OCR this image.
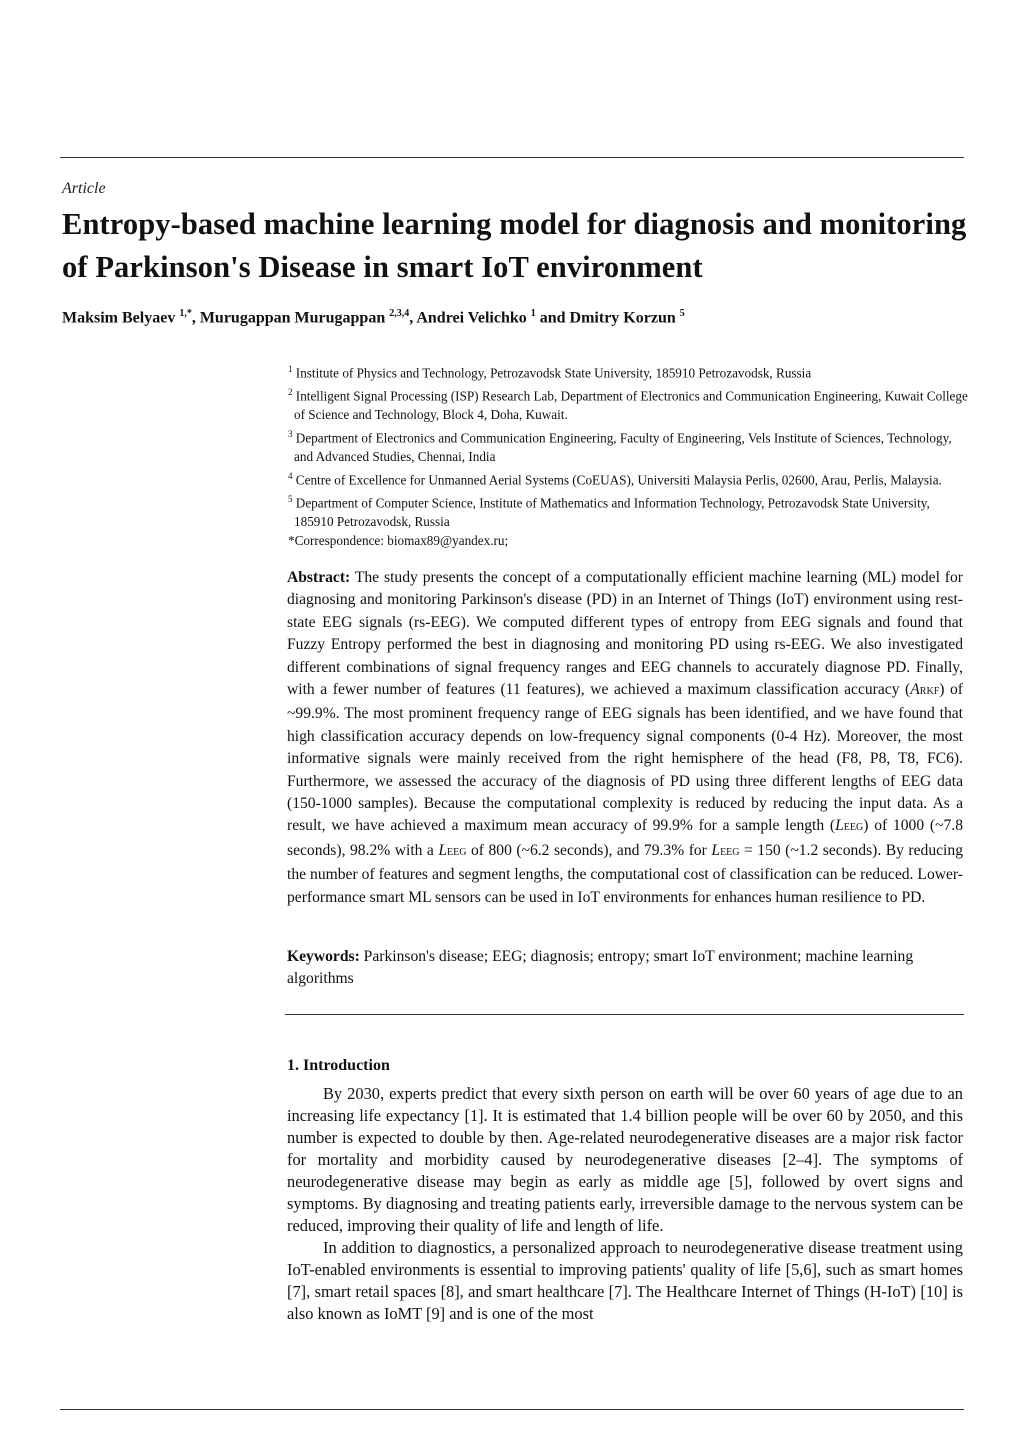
Article
Entropy-based machine learning model for diagnosis and monitoring of Parkinson's Disease in smart IoT environment
Maksim Belyaev $^{1,*}$, Murugappan Murugappan $^{2,3,4}$, Andrei Velichko $^1$ and Dmitry Korzun $^5$
$^1$ Institute of Physics and Technology, Petrozavodsk State University, 185910 Petrozavodsk, Russia
$^2$ Intelligent Signal Processing (ISP) Research Lab, Department of Electronics and Communication Engineering, Kuwait College of Science and Technology, Block 4, Doha, Kuwait.
$^3$ Department of Electronics and Communication Engineering, Faculty of Engineering, Vels Institute of Sciences, Technology, and Advanced Studies, Chennai, India
$^4$ Centre of Excellence for Unmanned Aerial Systems (CoEUAS), Universiti Malaysia Perlis, 02600, Arau, Perlis, Malaysia.
$^5$ Department of Computer Science, Institute of Mathematics and Information Technology, Petrozavodsk State University, 185910 Petrozavodsk, Russia
*Correspondence: biomax89@yandex.ru;
Abstract: The study presents the concept of a computationally efficient machine learning (ML) model for diagnosing and monitoring Parkinson's disease (PD) in an Internet of Things (IoT) environment using rest-state EEG signals (rs-EEG). We computed different types of entropy from EEG signals and found that Fuzzy Entropy performed the best in diagnosing and monitoring PD using rs-EEG. We also investigated different combinations of signal frequency ranges and EEG channels to accurately diagnose PD. Finally, with a fewer number of features (11 features), we achieved a maximum classification accuracy (ARKF) of ~99.9%. The most prominent frequency range of EEG signals has been identified, and we have found that high classification accuracy depends on low-frequency signal components (0-4 Hz). Moreover, the most informative signals were mainly received from the right hemisphere of the head (F8, P8, T8, FC6). Furthermore, we assessed the accuracy of the diagnosis of PD using three different lengths of EEG data (150-1000 samples). Because the computational complexity is reduced by reducing the input data. As a result, we have achieved a maximum mean accuracy of 99.9% for a sample length (LEEG) of 1000 (~7.8 seconds), 98.2% with a LEEG of 800 (~6.2 seconds), and 79.3% for LEEG = 150 (~1.2 seconds). By reducing the number of features and segment lengths, the computational cost of classification can be reduced. Lower-performance smart ML sensors can be used in IoT environments for enhances human resilience to PD.
Keywords: Parkinson's disease; EEG; diagnosis; entropy; smart IoT environment; machine learning algorithms
1. Introduction

By 2030, experts predict that every sixth person on earth will be over 60 years of age due to an increasing life expectancy [1]. It is estimated that 1.4 billion people will be over 60 by 2050, and this number is expected to double by then. Age-related neurodegenerative diseases are a major risk factor for mortality and morbidity caused by neurodegenerative diseases [2–4]. The symptoms of neurodegenerative disease may begin as early as middle age [5], followed by overt signs and symptoms. By diagnosing and treating patients early, irreversible damage to the nervous system can be reduced, improving their quality of life and length of life.

In addition to diagnostics, a personalized approach to neurodegenerative disease treatment using IoT-enabled environments is essential to improving patients' quality of life [5,6], such as smart homes [7], smart retail spaces [8], and smart healthcare [7]. The Healthcare Internet of Things (H-IoT) [10] is also known as IoMT [9] and is one of the most
